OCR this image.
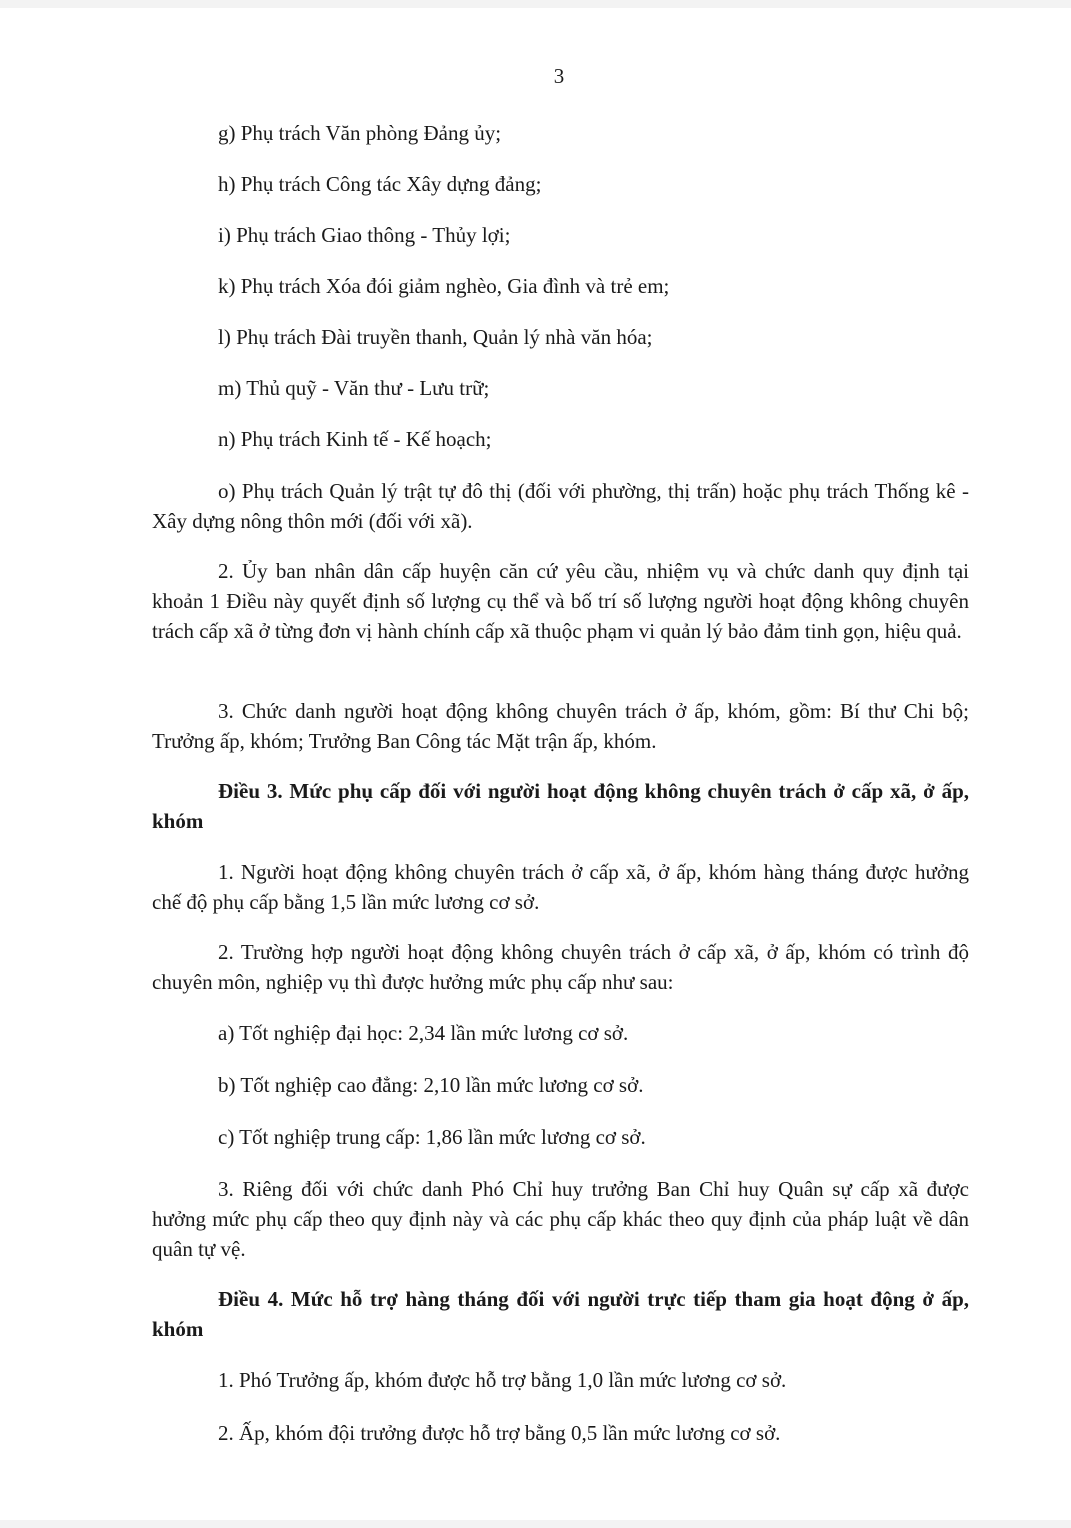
3
g) Phụ trách Văn phòng Đảng ủy;
h) Phụ trách Công tác Xây dựng đảng;
i) Phụ trách Giao thông - Thủy lợi;
k) Phụ trách Xóa đói giảm nghèo, Gia đình và trẻ em;
l) Phụ trách Đài truyền thanh, Quản lý nhà văn hóa;
m) Thủ quỹ - Văn thư - Lưu trữ;
n) Phụ trách Kinh tế - Kế hoạch;

o) Phụ trách Quản lý trật tự đô thị (đối với phường, thị trấn) hoặc phụ trách Thống kê - Xây dựng nông thôn mới (đối với xã).

2. Ủy ban nhân dân cấp huyện căn cứ yêu cầu, nhiệm vụ và chức danh quy định tại khoản 1 Điều này quyết định số lượng cụ thể và bố trí số lượng người hoạt động không chuyên trách cấp xã ở từng đơn vị hành chính cấp xã thuộc phạm vi quản lý bảo đảm tinh gọn, hiệu quả.

3. Chức danh người hoạt động không chuyên trách ở ấp, khóm, gồm: Bí thư Chi bộ; Trưởng ấp, khóm; Trưởng Ban Công tác Mặt trận ấp, khóm.

Điều 3. Mức phụ cấp đối với người hoạt động không chuyên trách ở cấp xã, ở ấp, khóm

1. Người hoạt động không chuyên trách ở cấp xã, ở ấp, khóm hàng tháng được hưởng chế độ phụ cấp bằng 1,5 lần mức lương cơ sở.

2. Trường hợp người hoạt động không chuyên trách ở cấp xã, ở ấp, khóm có trình độ chuyên môn, nghiệp vụ thì được hưởng mức phụ cấp như sau:

a) Tốt nghiệp đại học: 2,34 lần mức lương cơ sở.
b) Tốt nghiệp cao đẳng: 2,10 lần mức lương cơ sở.
c) Tốt nghiệp trung cấp: 1,86 lần mức lương cơ sở.

3. Riêng đối với chức danh Phó Chỉ huy trưởng Ban Chỉ huy Quân sự cấp xã được hưởng mức phụ cấp theo quy định này và các phụ cấp khác theo quy định của pháp luật về dân quân tự vệ.

Điều 4. Mức hỗ trợ hàng tháng đối với người trực tiếp tham gia hoạt động ở ấp, khóm

1. Phó Trưởng ấp, khóm được hỗ trợ bằng 1,0 lần mức lương cơ sở.
2. Ấp, khóm đội trưởng được hỗ trợ bằng 0,5 lần mức lương cơ sở.
